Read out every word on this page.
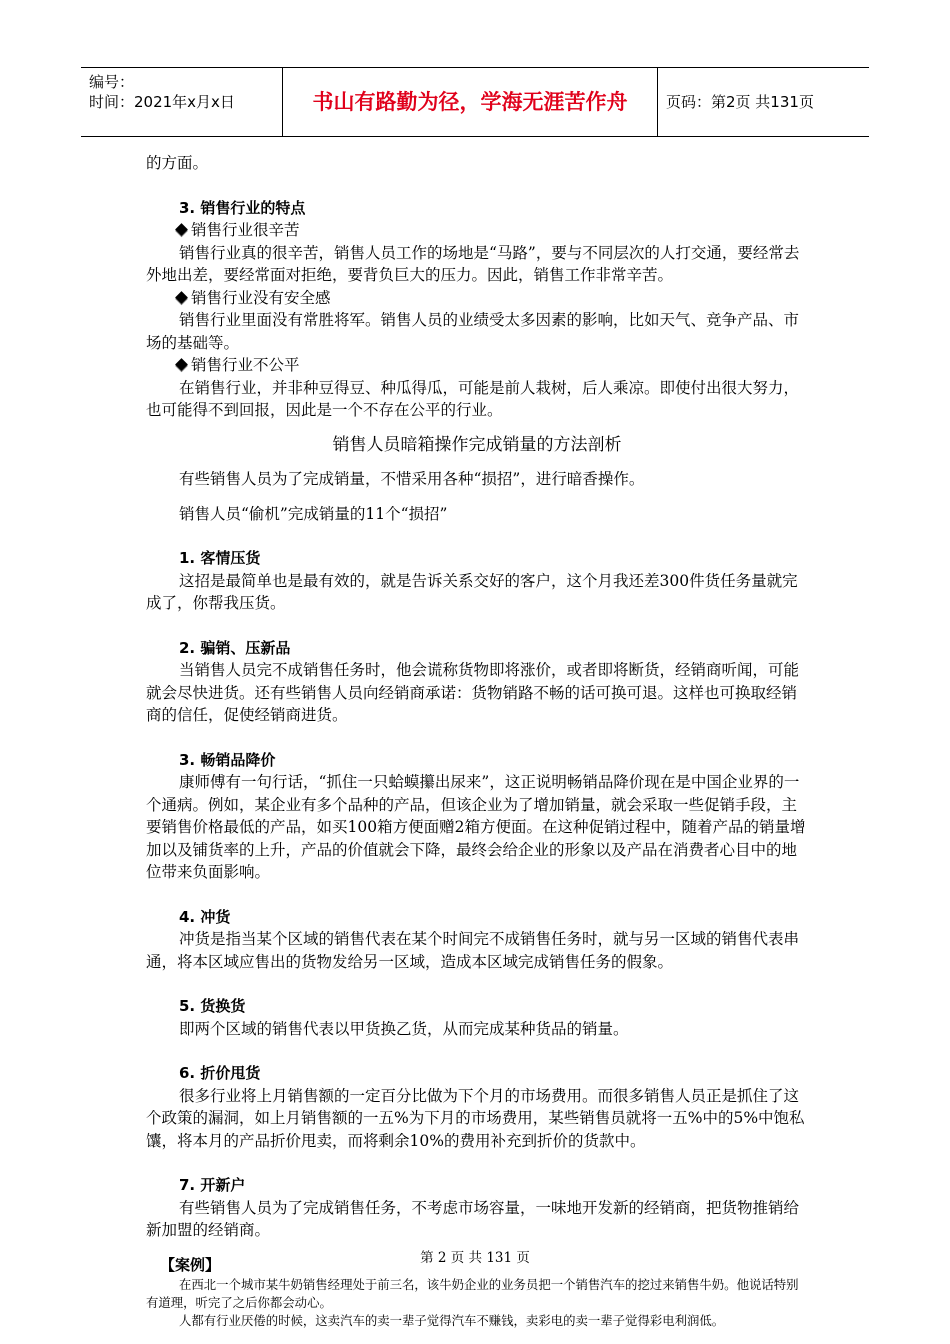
编号：
时间：2021年x月x日	书山有路勤为径，学海无涯苦作舟	页码：第2页 共131页

的方面。

3. 销售行业的特点

销售行业很辛苦

销售行业真的很辛苦，销售人员工作的场地是“马路”，要与不同层次的人打交通，要经常去外地出差，要经常面对拒绝，要背负巨大的压力。因此，销售工作非常辛苦。

销售行业没有安全感

销售行业里面没有常胜将军。销售人员的业绩受太多因素的影响，比如天气、竞争产品、市场的基础等。

销售行业不公平

在销售行业，并非种豆得豆、种瓜得瓜，可能是前人栽树，后人乘凉。即使付出很大努力，也可能得不到回报，因此是一个不存在公平的行业。

销售人员暗箱操作完成销量的方法剖析

有些销售人员为了完成销量，不惜采用各种“损招”，进行暗香操作。

销售人员“偷机”完成销量的11个“损招”

1. 客情压货

这招是最简单也是最有效的，就是告诉关系交好的客户，这个月我还差300件货任务量就完成了，你帮我压货。

2. 骗销、压新品

当销售人员完不成销售任务时，他会谎称货物即将涨价，或者即将断货，经销商听闻，可能就会尽快进货。还有些销售人员向经销商承诺：货物销路不畅的话可换可退。这样也可换取经销商的信任，促使经销商进货。

3. 畅销品降价

康师傅有一句行话，“抓住一只蛤蟆攥出尿来”，这正说明畅销品降价现在是中国企业界的一个通病。例如，某企业有多个品种的产品，但该企业为了增加销量，就会采取一些促销手段，主要销售价格最低的产品，如买100箱方便面赠2箱方便面。在这种促销过程中，随着产品的销量增加以及铺货率的上升，产品的价值就会下降，最终会给企业的形象以及产品在消费者心目中的地位带来负面影响。

4. 冲货

冲货是指当某个区域的销售代表在某个时间完不成销售任务时，就与另一区域的销售代表串通，将本区域应售出的货物发给另一区域，造成本区域完成销售任务的假象。

5. 货换货

即两个区域的销售代表以甲货换乙货，从而完成某种货品的销量。

6. 折价甩货

很多行业将上月销售额的一定百分比做为下个月的市场费用。而很多销售人员正是抓住了这个政策的漏洞，如上月销售额的一五%为下月的市场费用，某些销售员就将一五%中的5%中饱私馕，将本月的产品折价甩卖，而将剩余10%的费用补充到折价的货款中。

7. 开新户

有些销售人员为了完成销售任务，不考虑市场容量，一味地开发新的经销商，把货物推销给新加盟的经销商。

【案例】

在西北一个城市某牛奶销售经理处于前三名，该牛奶企业的业务员把一个销售汽车的挖过来销售牛奶。他说话特别有道理，听完了之后你都会动心。

人都有行业厌倦的时候，这卖汽车的卖一辈子觉得汽车不赚钱，卖彩电的卖一辈子觉得彩电利润低。

第 2 页 共 131 页
